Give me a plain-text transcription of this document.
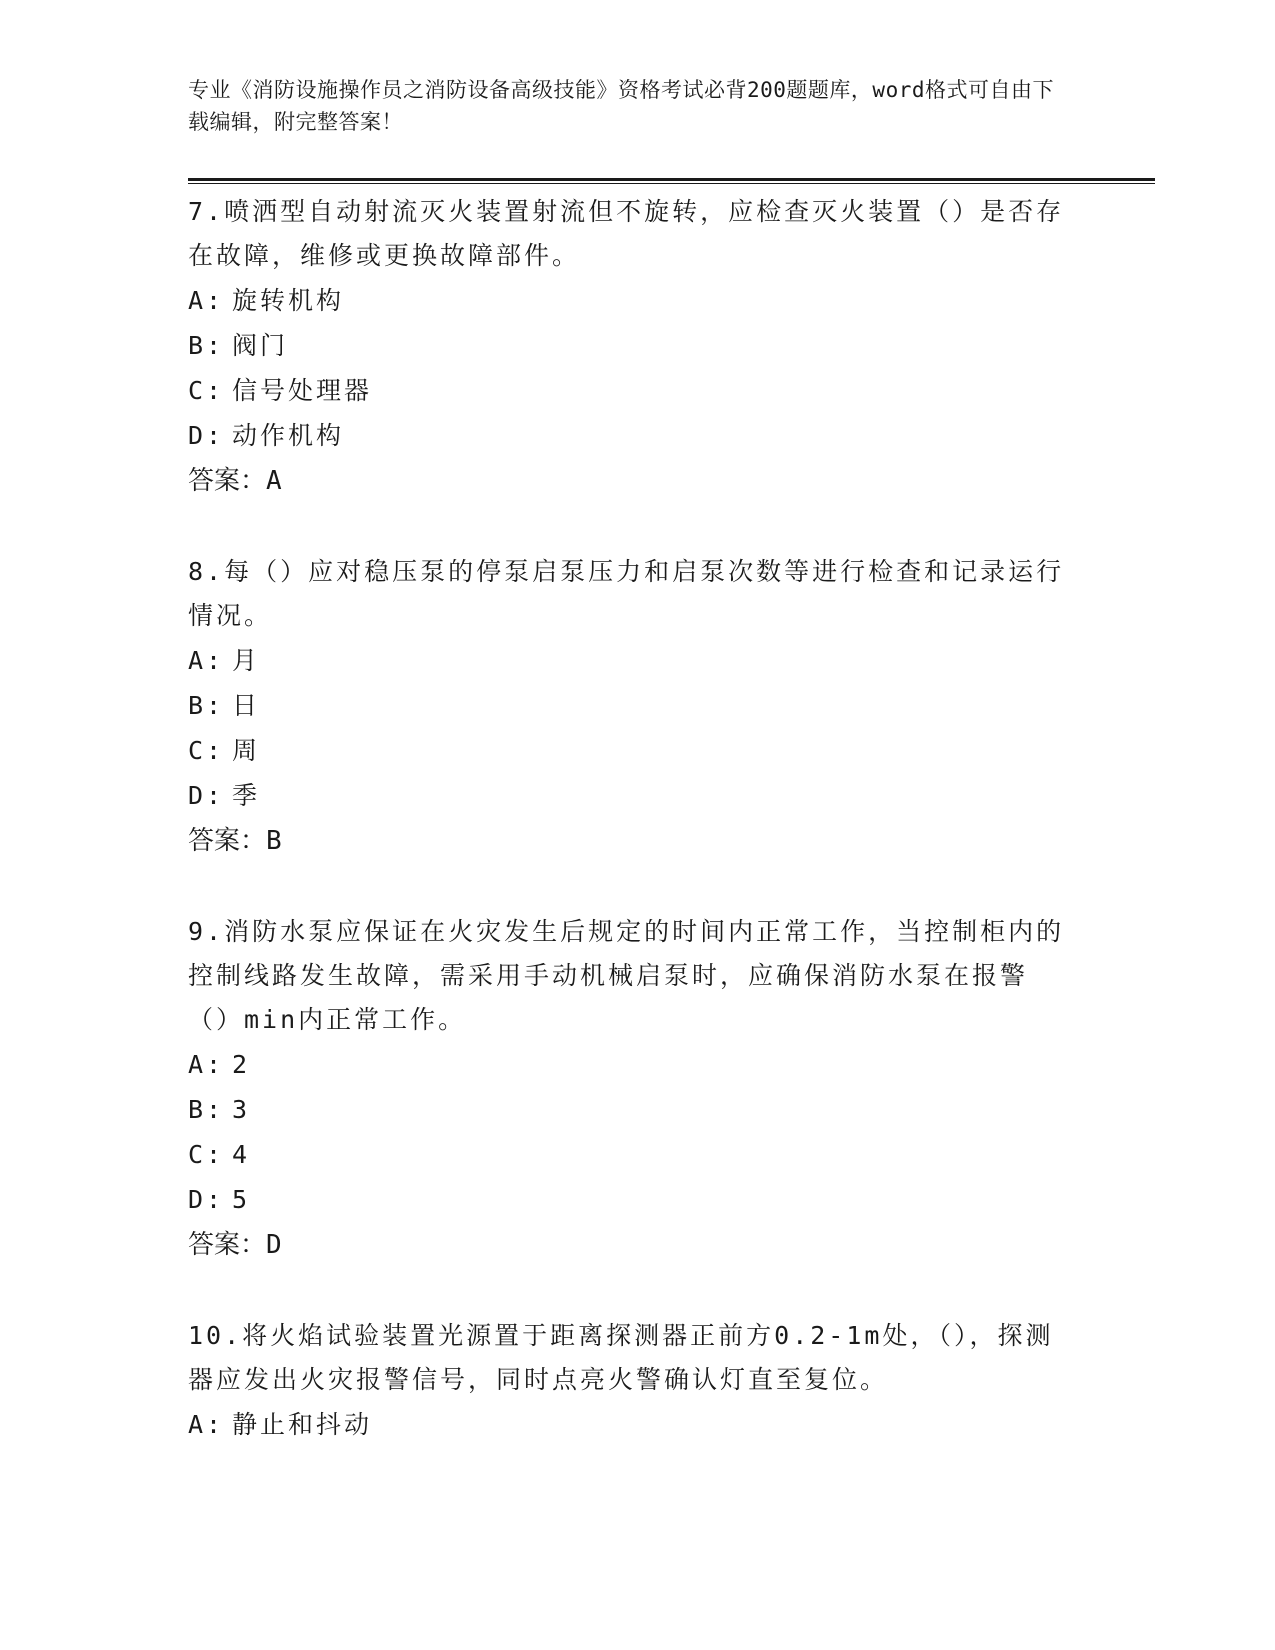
专业《消防设施操作员之消防设备高级技能》资格考试必背200题题库，word格式可自由下载编辑，附完整答案！

7.喷洒型自动射流灭火装置射流但不旋转，应检查灭火装置（）是否存在故障，维修或更换故障部件。

A: 旋转机构
B: 阀门
C: 信号处理器
D: 动作机构

答案：A

8.每（）应对稳压泵的停泵启泵压力和启泵次数等进行检查和记录运行情况。

A: 月
B: 日
C: 周
D: 季

答案：B

9.消防水泵应保证在火灾发生后规定的时间内正常工作，当控制柜内的控制线路发生故障，需采用手动机械启泵时，应确保消防水泵在报警（）min内正常工作。

A: 2
B: 3
C: 4
D: 5

答案：D

10.将火焰试验装置光源置于距离探测器正前方0.2-1m处，（），探测器应发出火灾报警信号，同时点亮火警确认灯直至复位。

A: 静止和抖动
